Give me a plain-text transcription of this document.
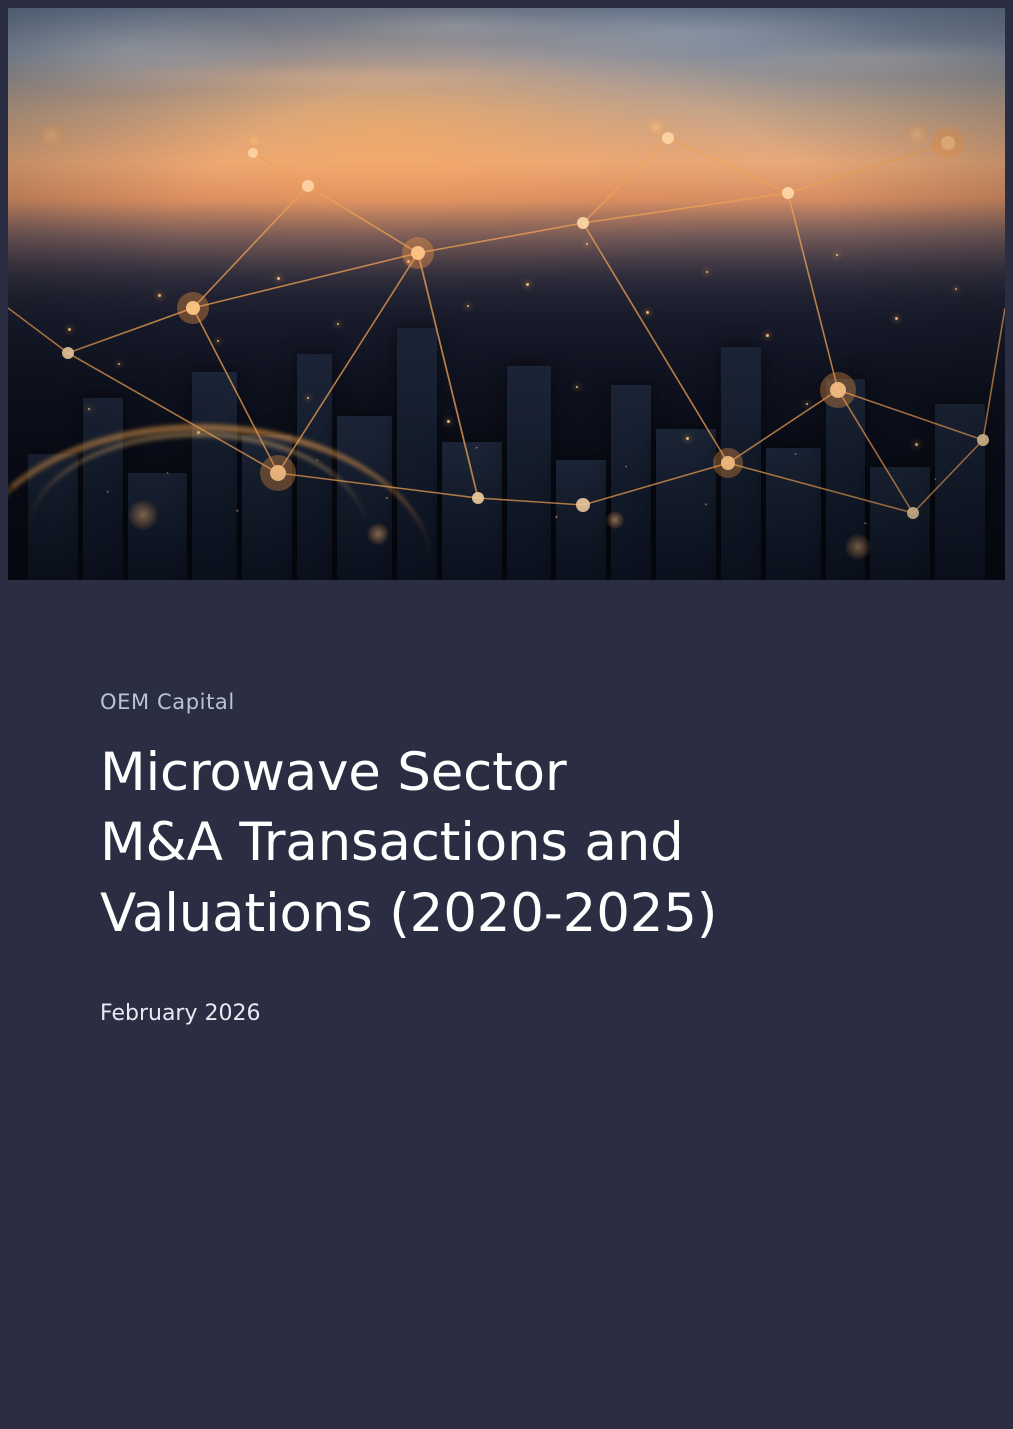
OEM Capital

Microwave Sector
M&A Transactions and
Valuations (2020-2025)

February 2026
